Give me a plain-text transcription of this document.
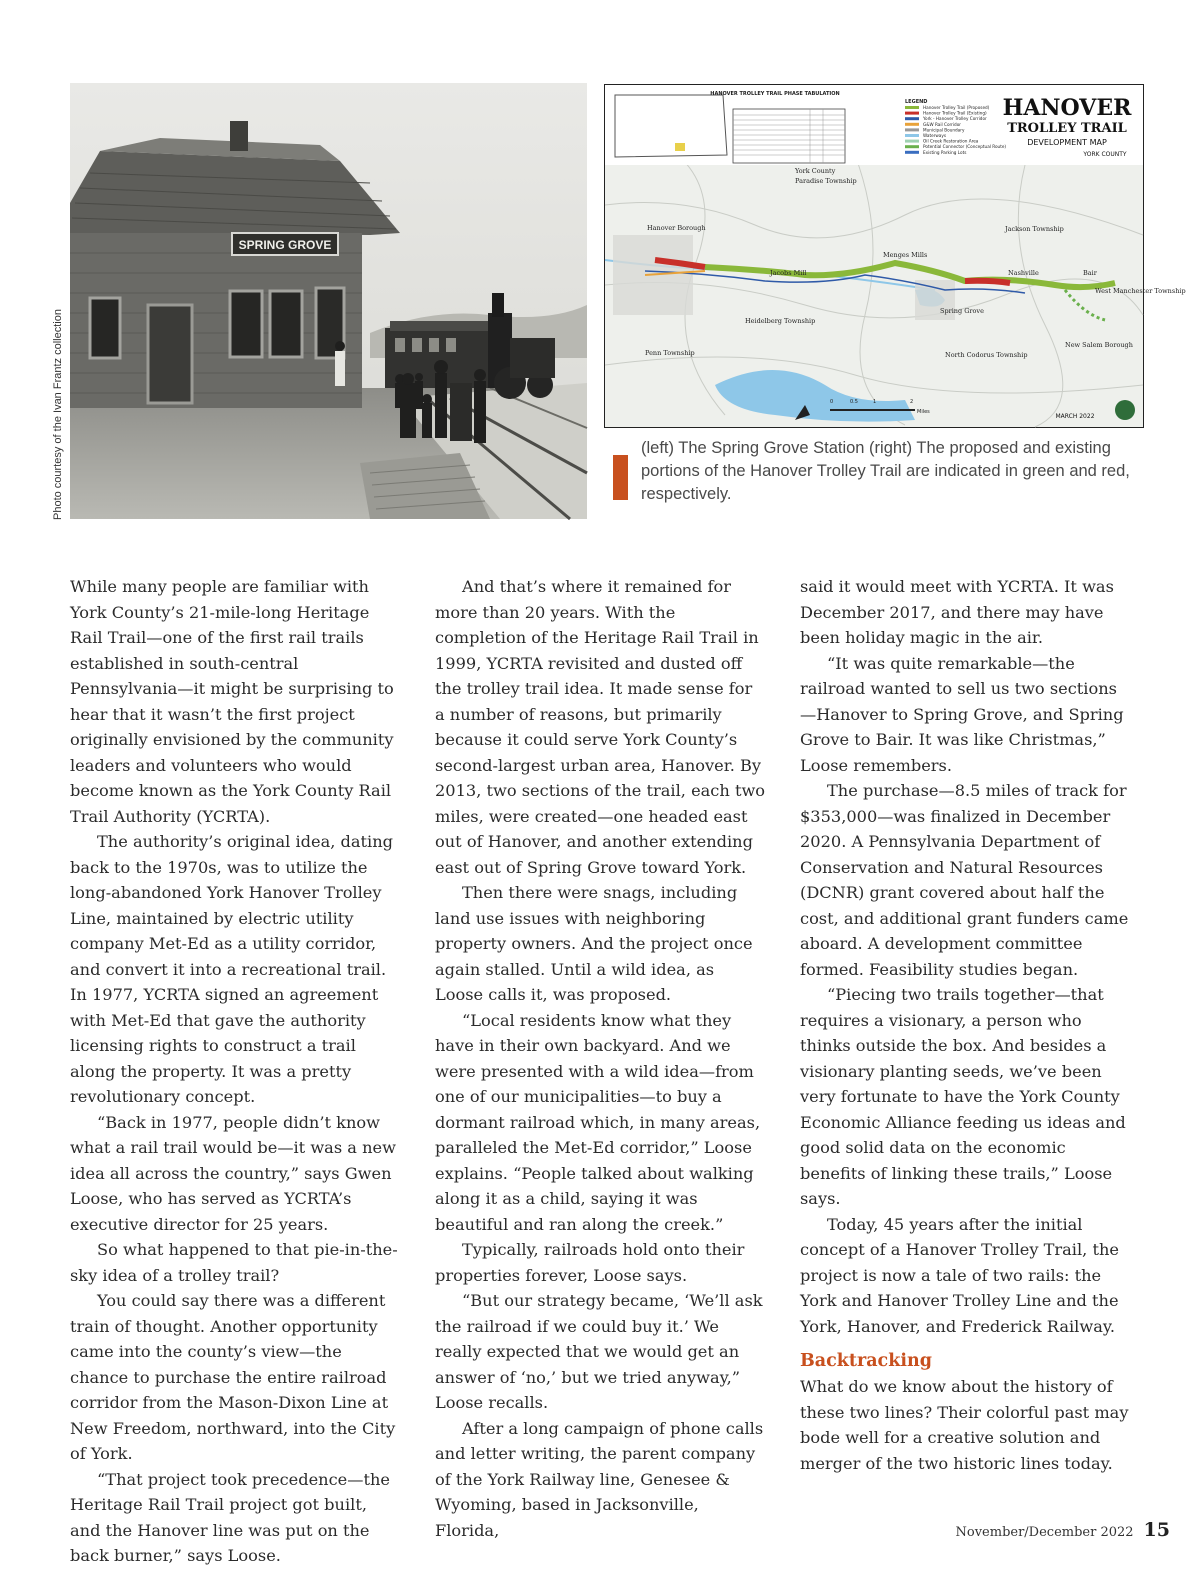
Photo courtesy of the Ivan Frantz collection
SPRING GROVE
HANOVER TROLLEY TRAIL PHASE TABULATION
LEGEND
Hanover Trolley Trail (Proposed)
Hanover Trolley Trail (Existing)
York - Hanover Trolley Corridor
G&W Rail Corridor
Municipal Boundary
Waterways
Oil Creek Restoration Area
Potential Connector (Conceptual Route)
Existing Parking Lots
HANOVER
TROLLEY TRAIL
DEVELOPMENT MAP
YORK COUNTY
Hanover Borough
Paradise Township
Jackson Township
Heidelberg Township
Penn Township
Spring Grove
North Codorus Township
Nashville	Bair
West Manchester Township
New Salem Borough
Menges Mills
Jacobs Mill
York County
0	0.5	1	2
Miles
MARCH 2022
(left) The Spring Grove Station (right) The proposed and existing portions of the Hanover Trolley Trail are indicated in green and red, respectively.

While many people are familiar with York County’s 21-mile-long Heritage Rail Trail—one of the first rail trails established in south-central Pennsylvania—it might be surprising to hear that it wasn’t the first project originally envisioned by the community leaders and volunteers who would become known as the York County Rail Trail Authority (YCRTA).

The authority’s original idea, dating back to the 1970s, was to utilize the long-abandoned York Hanover Trolley Line, maintained by electric utility company Met-Ed as a utility corridor, and convert it into a recreational trail. In 1977, YCRTA signed an agreement with Met-Ed that gave the authority licensing rights to construct a trail along the property. It was a pretty revolutionary concept.

“Back in 1977, people didn’t know what a rail trail would be—it was a new idea all across the country,” says Gwen Loose, who has served as YCRTA’s executive director for 25 years.

So what happened to that pie-in-the-sky idea of a trolley trail?

You could say there was a different train of thought. Another opportunity came into the county’s view—the chance to purchase the entire railroad corridor from the Mason-Dixon Line at New Freedom, northward, into the City of York.

“That project took precedence—the Heritage Rail Trail project got built, and the Hanover line was put on the back burner,” says Loose.

And that’s where it remained for more than 20 years. With the completion of the Heritage Rail Trail in 1999, YCRTA revisited and dusted off the trolley trail idea. It made sense for a number of reasons, but primarily because it could serve York County’s second-largest urban area, Hanover. By 2013, two sections of the trail, each two miles, were created—one headed east out of Hanover, and another extending east out of Spring Grove toward York.

Then there were snags, including land use issues with neighboring property owners. And the project once again stalled. Until a wild idea, as Loose calls it, was proposed.

“Local residents know what they have in their own backyard. And we were presented with a wild idea—from one of our municipalities—to buy a dormant railroad which, in many areas, paralleled the Met-Ed corridor,” Loose explains. “People talked about walking along it as a child, saying it was beautiful and ran along the creek.”

Typically, railroads hold onto their properties forever, Loose says.

“But our strategy became, ‘We’ll ask the railroad if we could buy it.’ We really expected that we would get an answer of ‘no,’ but we tried anyway,” Loose recalls.

After a long campaign of phone calls and letter writing, the parent company of the York Railway line, Genesee & Wyoming, based in Jacksonville, Florida,

said it would meet with YCRTA. It was December 2017, and there may have been holiday magic in the air.

“It was quite remarkable—the railroad wanted to sell us two sections—Hanover to Spring Grove, and Spring Grove to Bair. It was like Christmas,” Loose remembers.

The purchase—8.5 miles of track for $353,000—was finalized in December 2020. A Pennsylvania Department of Conservation and Natural Resources (DCNR) grant covered about half the cost, and additional grant funders came aboard. A development committee formed. Feasibility studies began.

“Piecing two trails together—that requires a visionary, a person who thinks outside the box. And besides a visionary planting seeds, we’ve been very fortunate to have the York County Economic Alliance feeding us ideas and good solid data on the economic benefits of linking these trails,” Loose says.

Today, 45 years after the initial concept of a Hanover Trolley Trail, the project is now a tale of two rails: the York and Hanover Trolley Line and the York, Hanover, and Frederick Railway.

Backtracking

What do we know about the history of these two lines? Their colorful past may bode well for a creative solution and merger of the two historic lines today.

November/December 2022 15
